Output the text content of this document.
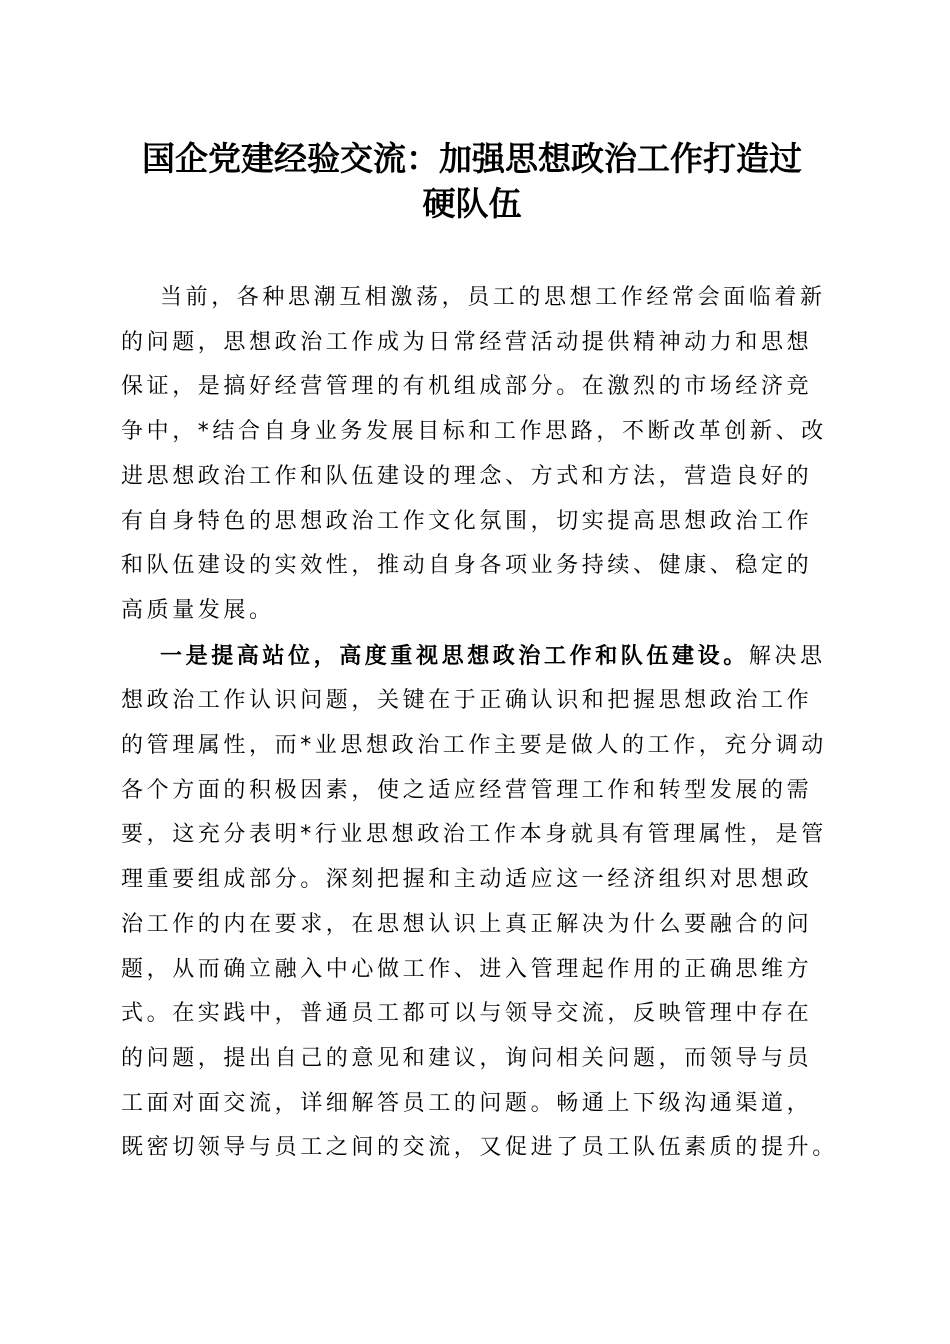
国企党建经验交流：加强思想政治工作打造过
硬队伍

当前，各种思潮互相激荡，员工的思想工作经常会面临着新
的问题，思想政治工作成为日常经营活动提供精神动力和思想
保证，是搞好经营管理的有机组成部分。在激烈的市场经济竞
争中，*结合自身业务发展目标和工作思路，不断改革创新、改
进思想政治工作和队伍建设的理念、方式和方法，营造良好的
有自身特色的思想政治工作文化氛围，切实提高思想政治工作
和队伍建设的实效性，推动自身各项业务持续、健康、稳定的
高质量发展。

一是提高站位，高度重视思想政治工作和队伍建设。解决思
想政治工作认识问题，关键在于正确认识和把握思想政治工作
的管理属性，而*业思想政治工作主要是做人的工作，充分调动
各个方面的积极因素，使之适应经营管理工作和转型发展的需
要，这充分表明*行业思想政治工作本身就具有管理属性，是管
理重要组成部分。深刻把握和主动适应这一经济组织对思想政
治工作的内在要求，在思想认识上真正解决为什么要融合的问
题，从而确立融入中心做工作、进入管理起作用的正确思维方
式。在实践中，普通员工都可以与领导交流，反映管理中存在
的问题，提出自己的意见和建议，询问相关问题，而领导与员
工面对面交流，详细解答员工的问题。畅通上下级沟通渠道，
既密切领导与员工之间的交流，又促进了员工队伍素质的提升。
